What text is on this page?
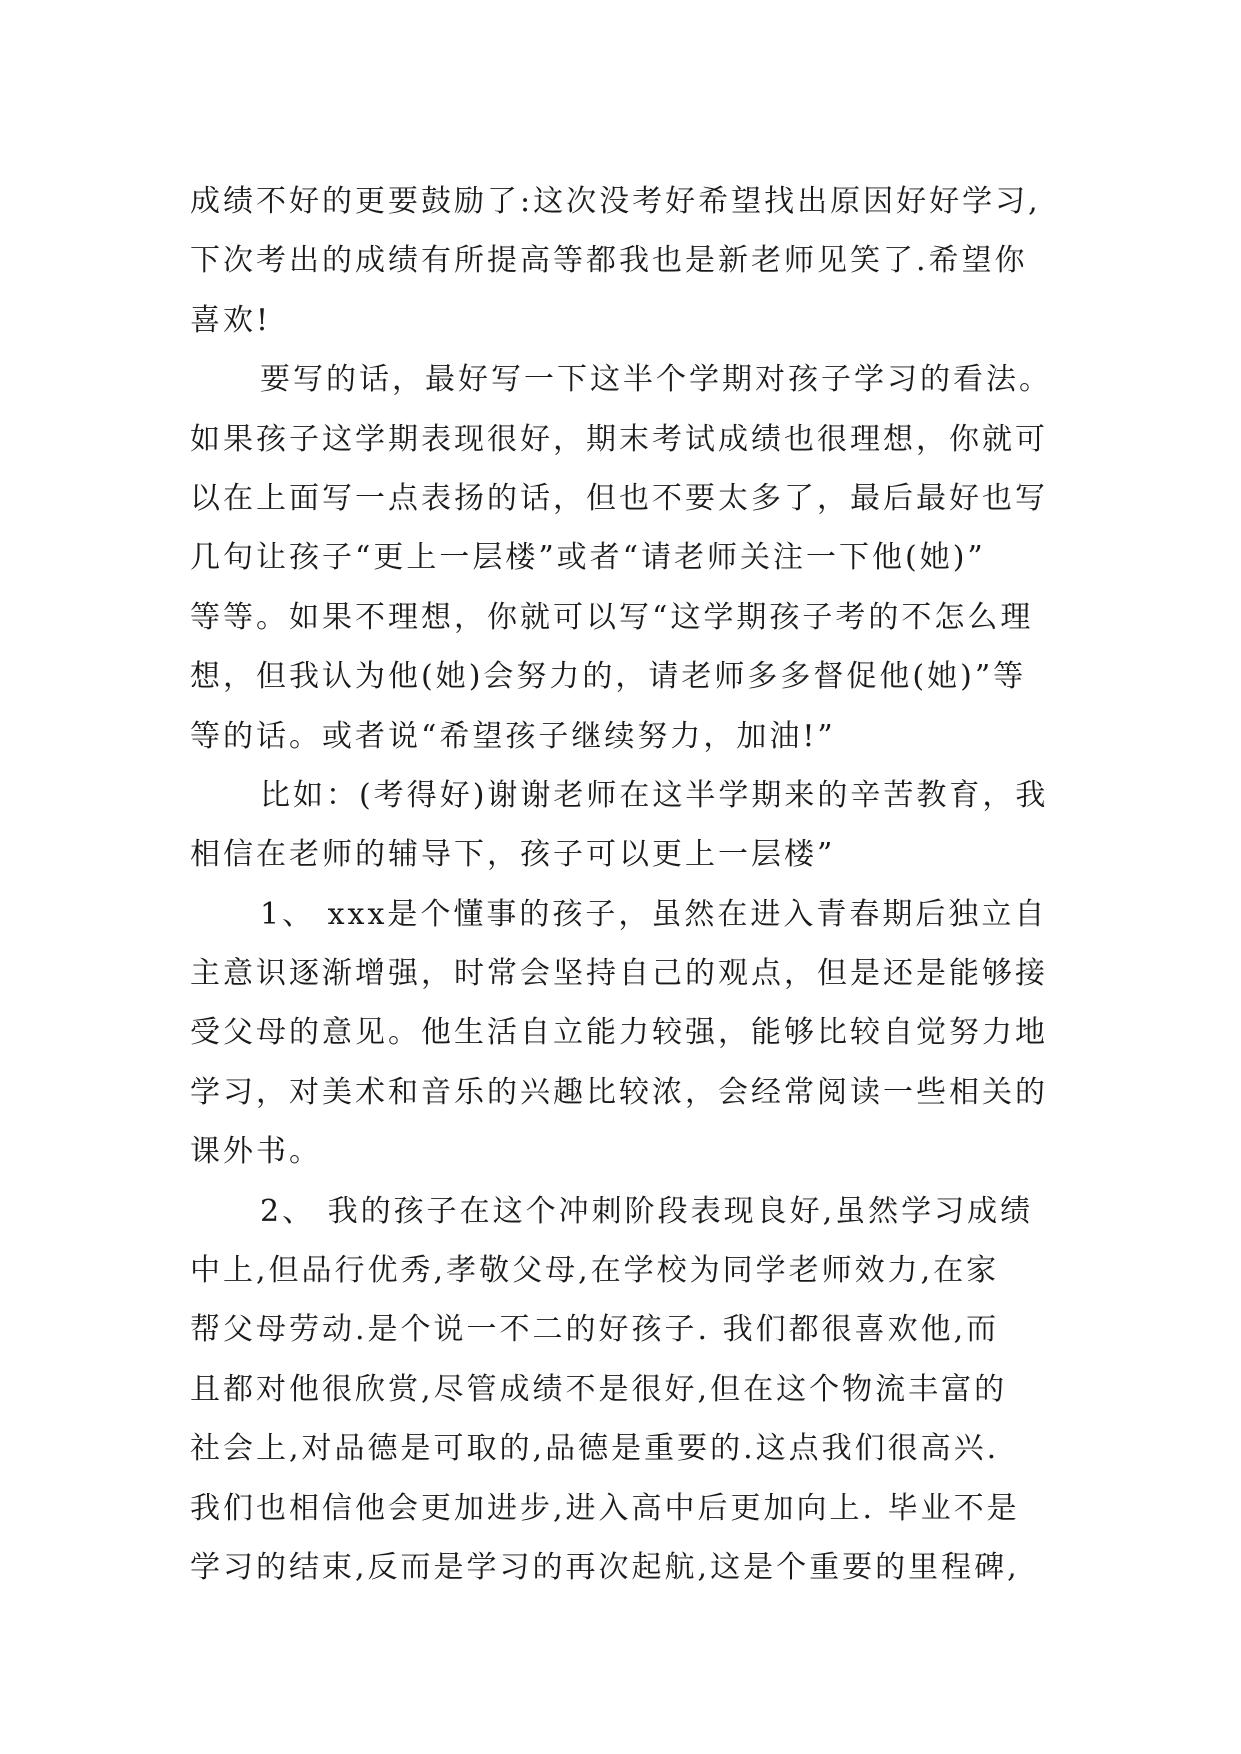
成绩不好的更要鼓励了:这次没考好希望找出原因好好学习,
下次考出的成绩有所提高等都我也是新老师见笑了.希望你
喜欢!
要写的话，最好写一下这半个学期对孩子学习的看法。
如果孩子这学期表现很好，期末考试成绩也很理想，你就可
以在上面写一点表扬的话，但也不要太多了，最后最好也写
几句让孩子“更上一层楼”或者“请老师关注一下他(她)”
等等。如果不理想，你就可以写“这学期孩子考的不怎么理
想，但我认为他(她)会努力的，请老师多多督促他(她)”等
等的话。或者说“希望孩子继续努力，加油!”
比如：(考得好)谢谢老师在这半学期来的辛苦教育，我
相信在老师的辅导下，孩子可以更上一层楼”
1、 xxx是个懂事的孩子，虽然在进入青春期后独立自
主意识逐渐增强，时常会坚持自己的观点，但是还是能够接
受父母的意见。他生活自立能力较强，能够比较自觉努力地
学习，对美术和音乐的兴趣比较浓，会经常阅读一些相关的
课外书。
2、 我的孩子在这个冲刺阶段表现良好,虽然学习成绩
中上,但品行优秀,孝敬父母,在学校为同学老师效力,在家
帮父母劳动.是个说一不二的好孩子. 我们都很喜欢他,而
且都对他很欣赏,尽管成绩不是很好,但在这个物流丰富的
社会上,对品德是可取的,品德是重要的.这点我们很高兴.
我们也相信他会更加进步,进入高中后更加向上. 毕业不是
学习的结束,反而是学习的再次起航,这是个重要的里程碑,
